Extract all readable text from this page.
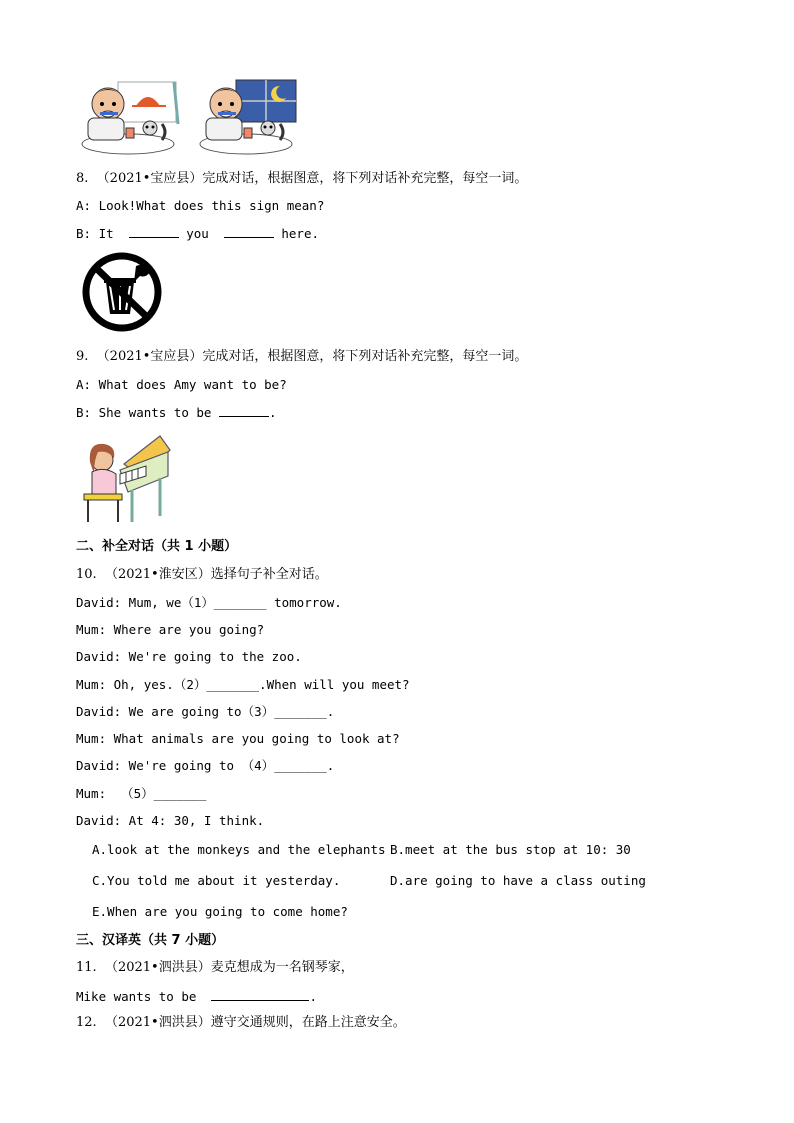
8.  （2021•宝应县）完成对话，根据图意，将下列对话补充完整，每空一词。
A: Look!What does this sign mean?
B: It	you	here.
9.  （2021•宝应县）完成对话，根据图意，将下列对话补充完整，每空一词。
A: What does Amy want to be?
B: She wants to be	.
二、补全对话（共 1 小题）
10.  （2021•淮安区）选择句子补全对话。
David: Mum, we（1）_______ tomorrow.
Mum: Where are you going?
David: We're going to the zoo.
Mum: Oh, yes.（2）_______.When will you meet?
David: We are going to（3）_______.
Mum: What animals are you going to look at?
David: We're going to （4）_______.
Mum:  （5）_______
David: At 4: 30, I think.
A.look at the monkeys and the elephants B.meet at the bus stop at 10: 30
C.You told me about it yesterday.	D.are going to have a class outing
E.When are you going to come home?
三、汉译英（共 7 小题）
11.  （2021•泗洪县）麦克想成为一名钢琴家，
Mike wants to be	.
12.  （2021•泗洪县）遵守交通规则，在路上注意安全。
